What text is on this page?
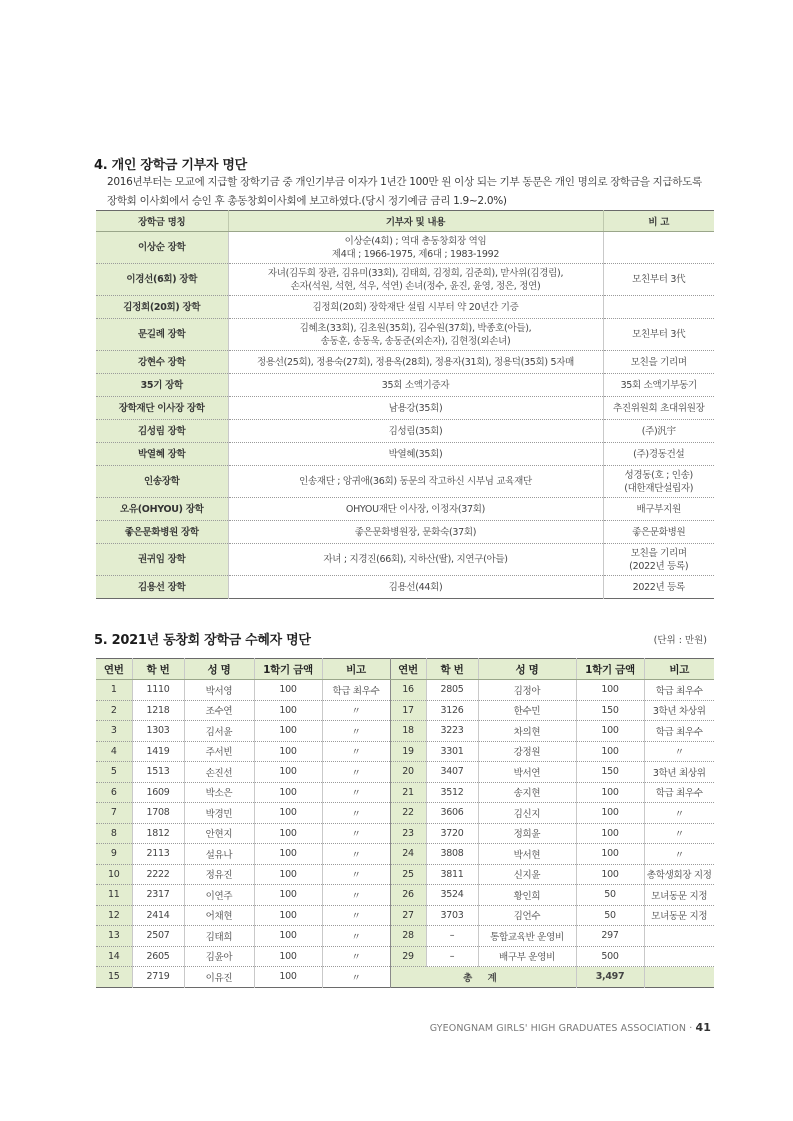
4. 개인 장학금 기부자 명단
2016년부터는 모교에 지급할 장학기금 중 개인기부금 이자가 1년간 100만 원 이상 되는 기부 동문은 개인 명의로 장학금을 지급하도록
장학회 이사회에서 승인 후 총동창회이사회에 보고하였다.(당시 정기예금 금리 1.9~2.0%)
장학금 명칭	기부자 및 내용	비 고
이상순 장학	이상순(4회) ; 역대 총동창회장 역임
제4대 ; 1966-1975, 제6대 ; 1983-1992	

이경선(6회) 장학	자녀(김두희 장관, 김유미(33회), 김태희, 김정희, 김준희), 맏사위(김경림),
손자(석원, 석현, 석우, 석연) 손녀(정수, 윤진, 윤영, 정은, 정연)	모친부터 3代

김정희(20회) 장학	김정희(20회) 장학재단 설립 시부터 약 20년간 기증	

문길례 장학	김혜초(33회), 김초원(35회), 김수원(37회), 박종호(아들),
송동훈, 송동욱, 송동준(외손자), 김현정(외손녀)	모친부터 3代

강현수 장학	정용선(25회), 정용숙(27회), 정용옥(28회), 정용자(31회), 정용덕(35회) 5자매	모친을 기리며

35기 장학	35회 소액기증자	35회 소액기부동기

장학재단 이사장 장학	남용강(35회)	추진위원회 초대위원장

김성림 장학	김성림(35회)	(주)汎宇

박열혜 장학	박열혜(35회)	(주)경동건설

인송장학	인송재단 ; 앙귀애(36회) 동문의 작고하신 시부님 교육재단	성경동(호 ; 인송)
(대한재단설립자)

오유(OHYOU) 장학	OHYOU재단 이사장, 이정자(37회)	배구부지원

좋은문화병원 장학	좋은문화병원장, 문화숙(37회)	좋은문화병원

권귀임 장학	자녀 ; 지경진(66회), 지하산(딸), 지연구(아들)	모친을 기리며
(2022년 등록)

김용선 장학	김용선(44회)	2022년 등록
5. 2021년 동창회 장학금 수혜자 명단	(단위 : 만원)
연번	학 번	성 명	1학기 금액	비고	연번	학 번	성 명	1학기 금액	비고
1	1110	박서영	100	학급 최우수	16	2805	김정아	100	학급 최우수
2	1218	조수연	100	〃	17	3126	한수민	150	3학년 차상위
3	1303	김서윤	100	〃	18	3223	차의현	100	학급 최우수
4	1419	주서빈	100	〃	19	3301	강정원	100	〃
5	1513	손진선	100	〃	20	3407	박서연	150	3학년 최상위
6	1609	박소은	100	〃	21	3512	송지현	100	학급 최우수
7	1708	박경민	100	〃	22	3606	김신지	100	〃
8	1812	안현지	100	〃	23	3720	정희윤	100	〃
9	2113	설유나	100	〃	24	3808	박서현	100	〃
10	2222	정유진	100	〃	25	3811	신지윤	100	총학생회장 지정
11	2317	이연주	100	〃	26	3524	황인희	50	모녀동문 지정
12	2414	어채현	100	〃	27	3703	김언수	50	모녀동문 지정
13	2507	김태희	100	〃	28	–	통합교육반 운영비	297	
14	2605	김윤아	100	〃	29	–	배구부 운영비	500	
15	2719	이유진	100	〃	총 계			3,497	
GYEONGNAM GIRLS' HIGH GRADUATES ASSOCIATION · 41
